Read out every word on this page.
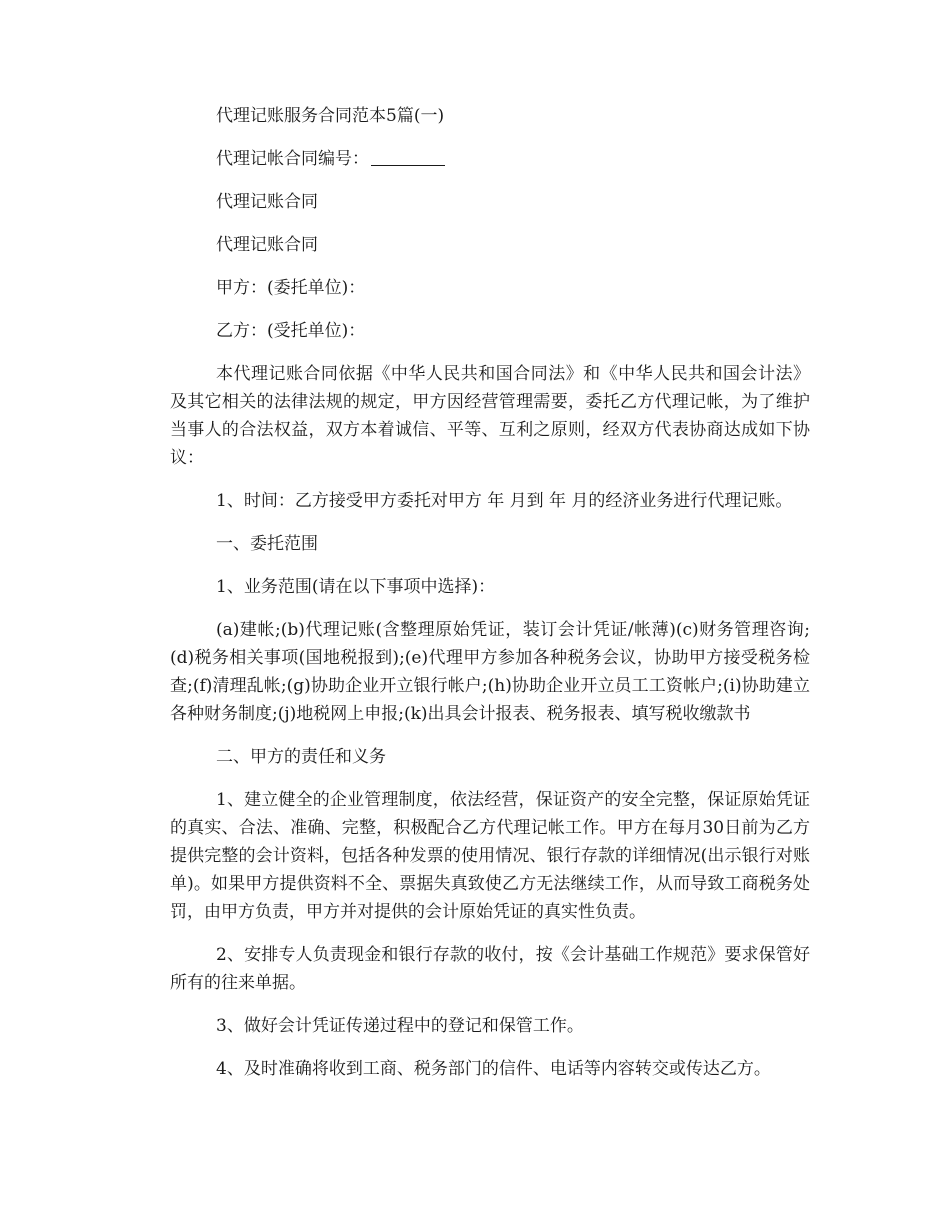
代理记账服务合同范本5篇(一)

代理记帐合同编号：

代理记账合同

代理记账合同

甲方：(委托单位)：

乙方：(受托单位)：

本代理记账合同依据《中华人民共和国合同法》和《中华人民共和国会计法》及其它相关的法律法规的规定，甲方因经营管理需要，委托乙方代理记帐，为了维护当事人的合法权益，双方本着诚信、平等、互利之原则，经双方代表协商达成如下协议：

1、时间：乙方接受甲方委托对甲方 年 月到 年 月的经济业务进行代理记账。

一、委托范围

1、业务范围(请在以下事项中选择)：

(a)建帐;(b)代理记账(含整理原始凭证，装订会计凭证/帐薄)(c)财务管理咨询;(d)税务相关事项(国地税报到);(e)代理甲方参加各种税务会议，协助甲方接受税务检查;(f)清理乱帐;(g)协助企业开立银行帐户;(h)协助企业开立员工工资帐户;(i)协助建立各种财务制度;(j)地税网上申报;(k)出具会计报表、税务报表、填写税收缴款书

二、甲方的责任和义务

1、建立健全的企业管理制度，依法经营，保证资产的安全完整，保证原始凭证的真实、合法、准确、完整，积极配合乙方代理记帐工作。甲方在每月30日前为乙方提供完整的会计资料，包括各种发票的使用情况、银行存款的详细情况(出示银行对账单)。如果甲方提供资料不全、票据失真致使乙方无法继续工作，从而导致工商税务处罚，由甲方负责，甲方并对提供的会计原始凭证的真实性负责。

2、安排专人负责现金和银行存款的收付，按《会计基础工作规范》要求保管好所有的往来单据。

3、做好会计凭证传递过程中的登记和保管工作。

4、及时准确将收到工商、税务部门的信件、电话等内容转交或传达乙方。
